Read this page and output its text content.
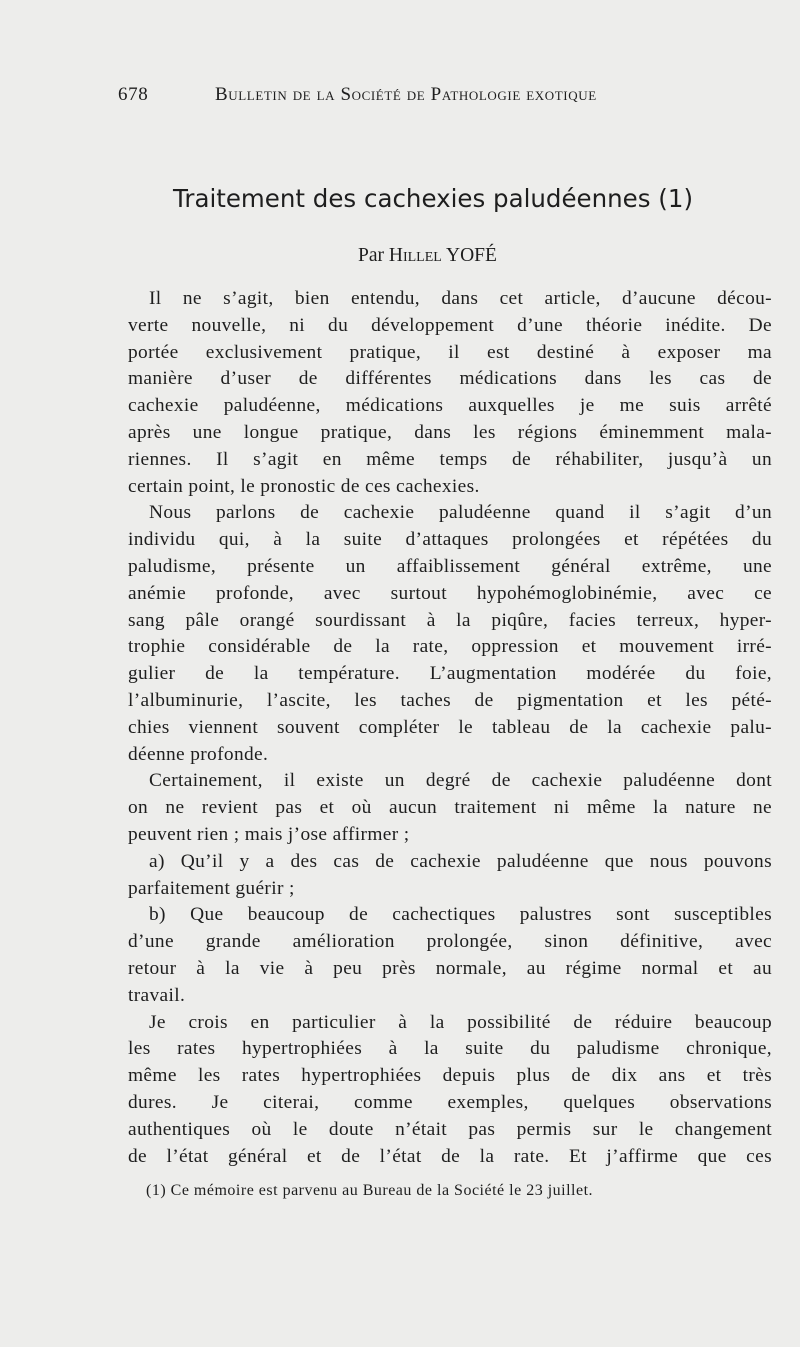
678	Bulletin de la Société de Pathologie exotique
Traitement des cachexies paludéennes (1)
Par Hillel YOFÉ
Il ne s’agit, bien entendu, dans cet article, d’aucune décou-
verte nouvelle, ni du développement d’une théorie inédite. De
portée exclusivement pratique, il est destiné à exposer ma
manière d’user de différentes médications dans les cas de
cachexie paludéenne, médications auxquelles je me suis arrêté
après une longue pratique, dans les régions éminemment mala-
riennes. Il s’agit en même temps de réhabiliter, jusqu’à un
certain point, le pronostic de ces cachexies.
Nous parlons de cachexie paludéenne quand il s’agit d’un
individu qui, à la suite d’attaques prolongées et répétées du
paludisme, présente un affaiblissement général extrême, une
anémie profonde, avec surtout hypohémoglobinémie, avec ce
sang pâle orangé sourdissant à la piqûre, facies terreux, hyper-
trophie considérable de la rate, oppression et mouvement irré-
gulier de la température. L’augmentation modérée du foie,
l’albuminurie, l’ascite, les taches de pigmentation et les pété-
chies viennent souvent compléter le tableau de la cachexie palu-
déenne profonde.
Certainement, il existe un degré de cachexie paludéenne dont
on ne revient pas et où aucun traitement ni même la nature ne
peuvent rien ; mais j’ose affirmer ;
a) Qu’il y a des cas de cachexie paludéenne que nous pouvons
parfaitement guérir ;
b) Que beaucoup de cachectiques palustres sont susceptibles
d’une grande amélioration prolongée, sinon définitive, avec
retour à la vie à peu près normale, au régime normal et au
travail.
Je crois en particulier à la possibilité de réduire beaucoup
les rates hypertrophiées à la suite du paludisme chronique,
même les rates hypertrophiées depuis plus de dix ans et très
dures. Je citerai, comme exemples, quelques observations
authentiques où le doute n’était pas permis sur le changement
de l’état général et de l’état de la rate. Et j’affirme que ces
(1) Ce mémoire est parvenu au Bureau de la Société le 23 juillet.
